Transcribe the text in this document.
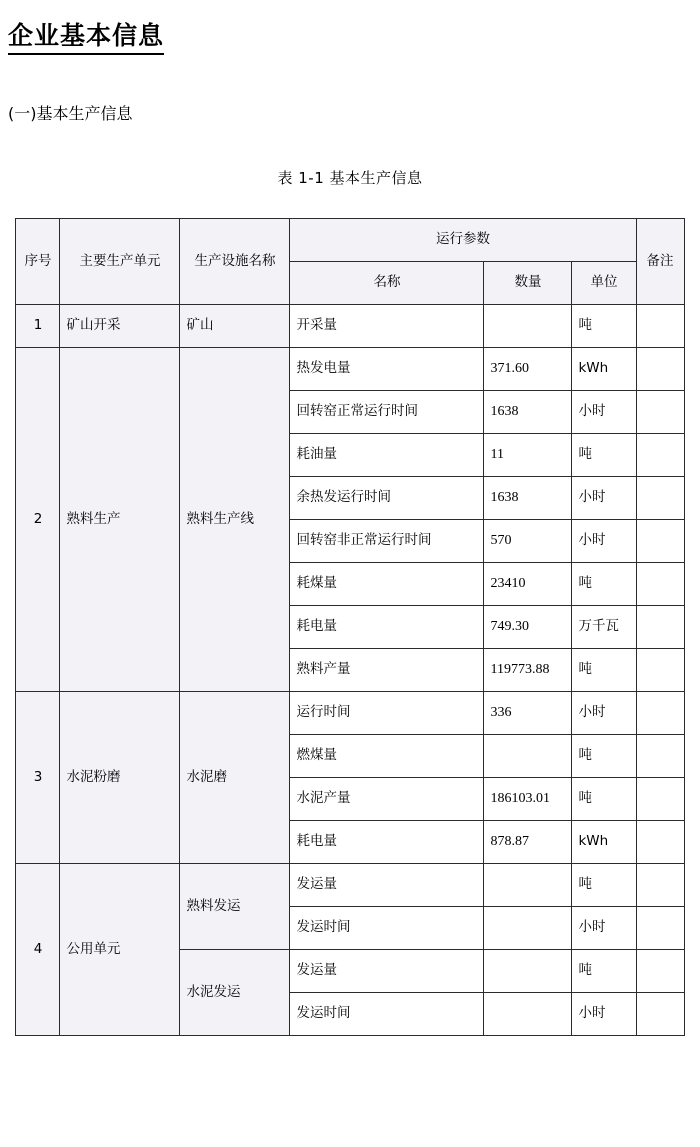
企业基本信息
(一)基本生产信息
表 1-1 基本生产信息
序号	主要生产单元	生产设施名称	运行参数			备注
			名称	数量	单位	
1	矿山开采	矿山	开采量		吨	
2	熟料生产	熟料生产线	热发电量	371.60	kWh	
			回转窑正常运行时间	1638	小时	
			耗油量	11	吨	
			余热发运行时间	1638	小时	
			回转窑非正常运行时间	570	小时	
			耗煤量	23410	吨	
			耗电量	749.30	万千瓦	
			熟料产量	119773.88	吨	
3	水泥粉磨	水泥磨	运行时间	336	小时	
			燃煤量		吨	
			水泥产量	186103.01	吨	
			耗电量	878.87	kWh	
4	公用单元	熟料发运	发运量		吨	
			发运时间		小时	
		水泥发运	发运量		吨	
			发运时间		小时	
